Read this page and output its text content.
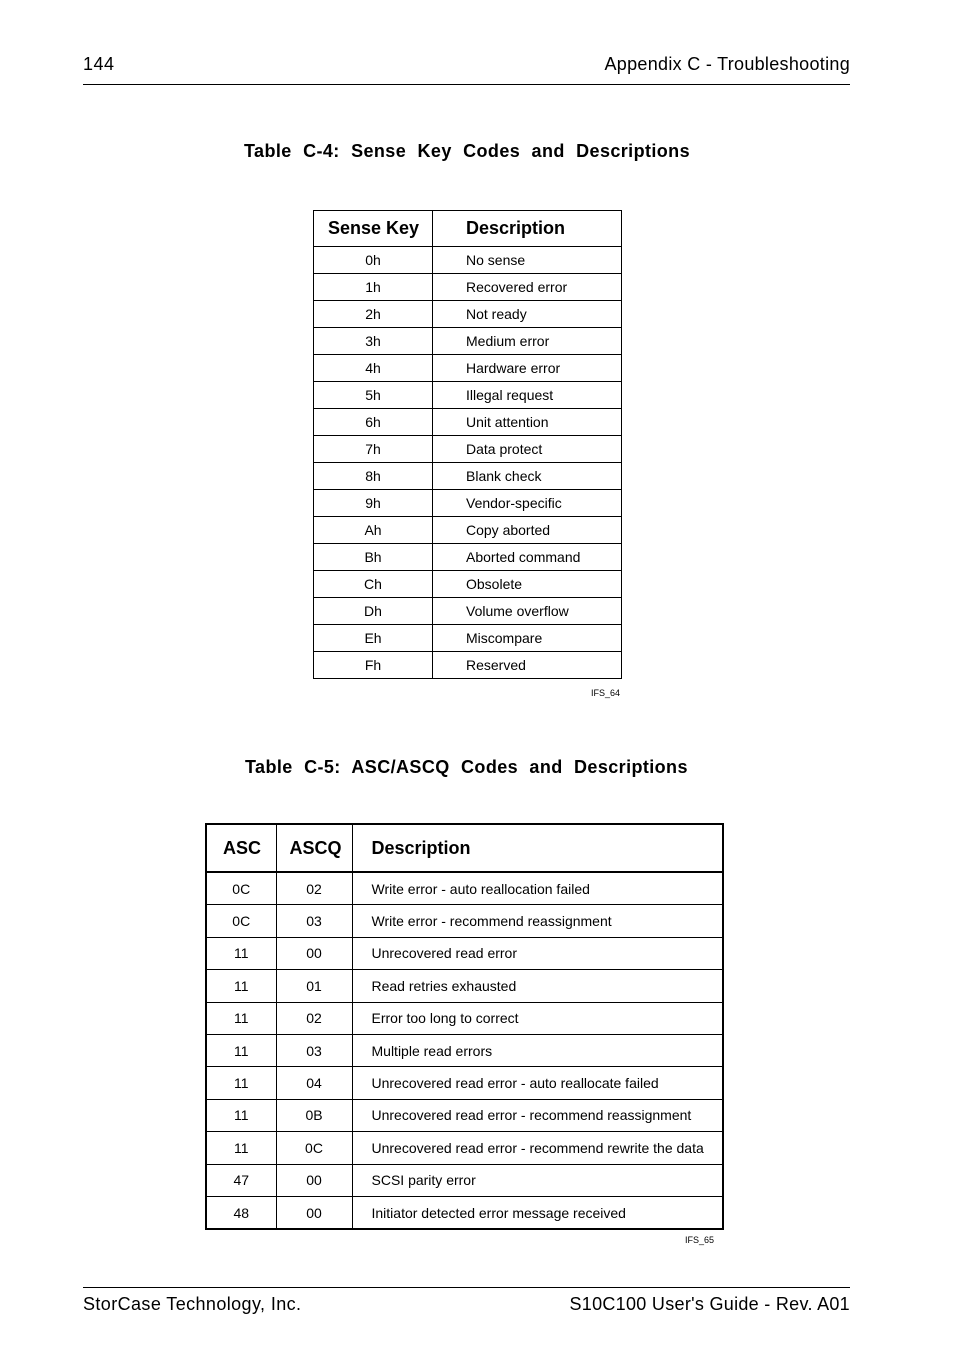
144	Appendix C - Troubleshooting
Table C-4: Sense Key Codes and Descriptions
Sense Key	Description
0h	No sense
1h	Recovered error
2h	Not ready
3h	Medium error
4h	Hardware error
5h	Illegal request
6h	Unit attention
7h	Data protect
8h	Blank check
9h	Vendor-specific
Ah	Copy aborted
Bh	Aborted command
Ch	Obsolete
Dh	Volume overflow
Eh	Miscompare
Fh	Reserved
IFS_64
Table C-5: ASC/ASCQ Codes and Descriptions
ASC	ASCQ	Description
0C	02	Write error - auto reallocation failed
0C	03	Write error - recommend reassignment
11	00	Unrecovered read error
11	01	Read retries exhausted
11	02	Error too long to correct
11	03	Multiple read errors
11	04	Unrecovered read error - auto reallocate failed
11	0B	Unrecovered read error - recommend reassignment
11	0C	Unrecovered read error - recommend rewrite the data
47	00	SCSI parity error
48	00	Initiator detected error message received
IFS_65
StorCase Technology, Inc.	S10C100 User's Guide - Rev. A01
